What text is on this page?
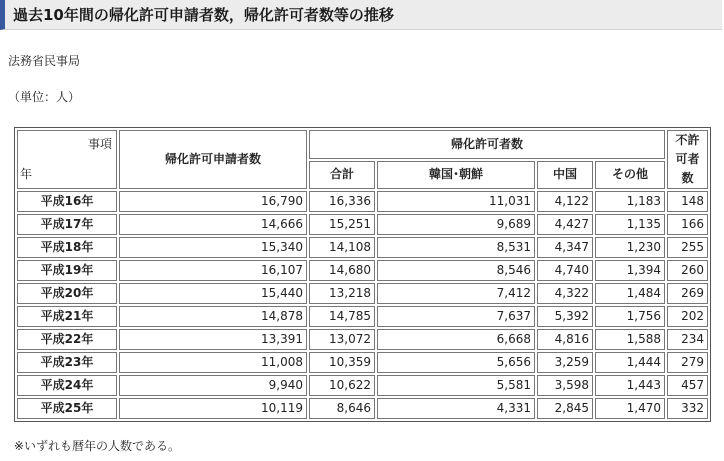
過去10年間の帰化許可申請者数，帰化許可者数等の推移
法務省民事局
（単位：人）
事項
年	帰化許可申請者数	帰化許可者数				不許可者数
		合計	韓国･朝鮮	中国	その他	
平成16年	16,790	16,336	11,031	4,122	1,183	148
平成17年	14,666	15,251	9,689	4,427	1,135	166
平成18年	15,340	14,108	8,531	4,347	1,230	255
平成19年	16,107	14,680	8,546	4,740	1,394	260
平成20年	15,440	13,218	7,412	4,322	1,484	269
平成21年	14,878	14,785	7,637	5,392	1,756	202
平成22年	13,391	13,072	6,668	4,816	1,588	234
平成23年	11,008	10,359	5,656	3,259	1,444	279
平成24年	9,940	10,622	5,581	3,598	1,443	457
平成25年	10,119	8,646	4,331	2,845	1,470	332
※いずれも暦年の人数である。
